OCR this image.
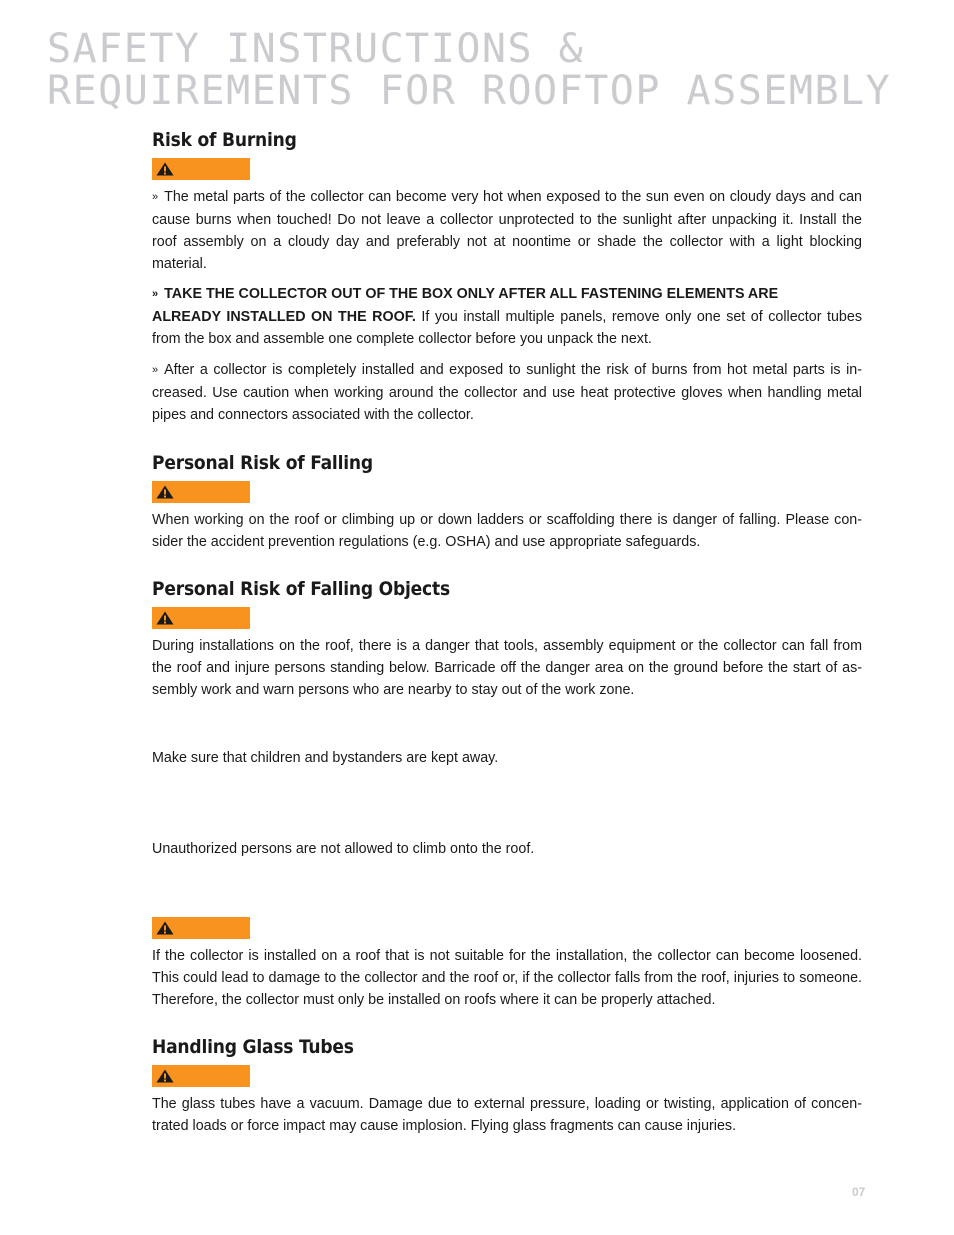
SAFETY INSTRUCTIONS &
REQUIREMENTS FOR ROOFTOP ASSEMBLY
Risk of Burning

» The metal parts of the collector can become very hot when exposed to the sun even on cloudy days and can cause burns when touched! Do not leave a collector unprotected to the sunlight after unpacking it. Install the roof assembly on a cloudy day and preferably not at noontime or shade the collector with a light blocking material.

» TAKE THE COLLECTOR OUT OF THE BOX ONLY AFTER ALL FASTENING ELEMENTS ARE
ALREADY INSTALLED ON THE ROOF. If you install multiple panels, remove only one set of collector tubes from the box and assemble one complete collector before you unpack the next.

» After a collector is completely installed and exposed to sunlight the risk of burns from hot metal parts is increased. Use caution when working around the collector and use heat protective gloves when handling metal pipes and connectors associated with the collector.

Personal Risk of Falling

When working on the roof or climbing up or down ladders or scaffolding there is danger of falling. Please consider the accident prevention regulations (e.g. OSHA) and use appropriate safeguards.

Personal Risk of Falling Objects

During installations on the roof, there is a danger that tools, assembly equipment or the collector can fall from the roof and injure persons standing below. Barricade off the danger area on the ground before the start of assembly work and warn persons who are nearby to stay out of the work zone.

Make sure that children and bystanders are kept away.

Unauthorized persons are not allowed to climb onto the roof.

If the collector is installed on a roof that is not suitable for the installation, the collector can become loosened. This could lead to damage to the collector and the roof or, if the collector falls from the roof, injuries to someone. Therefore, the collector must only be installed on roofs where it can be properly attached.

Handling Glass Tubes

The glass tubes have a vacuum. Damage due to external pressure, loading or twisting, application of concentrated loads or force impact may cause implosion. Flying glass fragments can cause injuries.

07
